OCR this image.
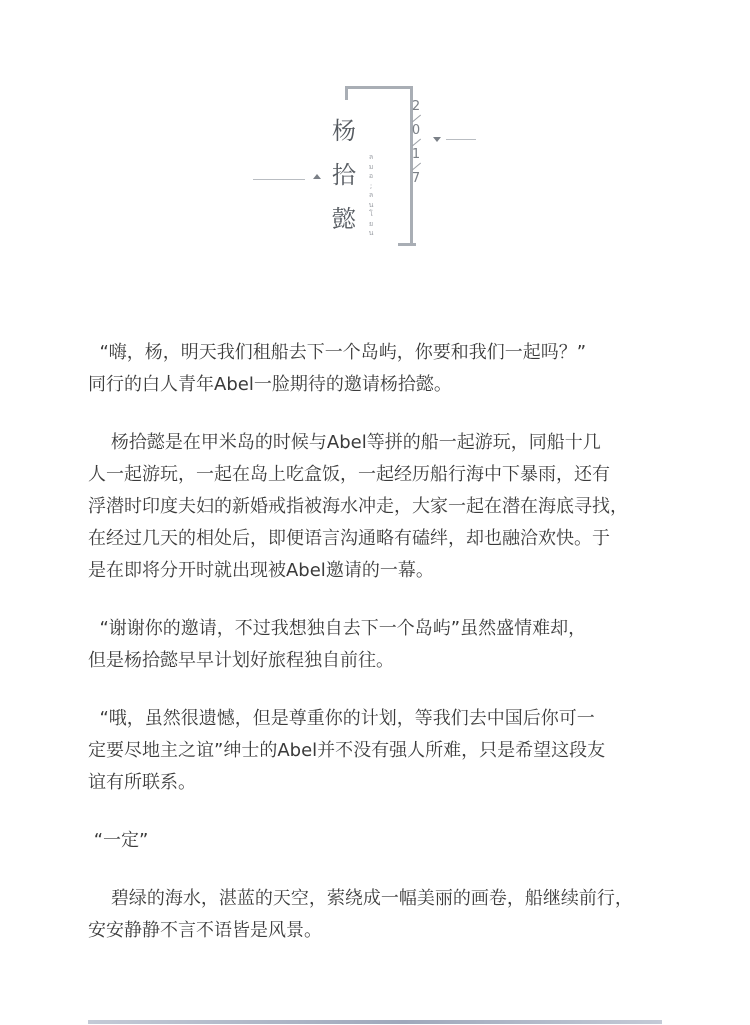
杨
拾
懿
ล ม อ ; ล น โ ย น
2
0
1
7

“嗨，杨，明天我们租船去下一个岛屿，你要和我们一起吗？”
同行的白人青年Abel一脸期待的邀请杨拾懿。

杨拾懿是在甲米岛的时候与Abel等拼的船一起游玩，同船十几
人一起游玩，一起在岛上吃盒饭，一起经历船行海中下暴雨，还有
浮潜时印度夫妇的新婚戒指被海水冲走，大家一起在潜在海底寻找，
在经过几天的相处后，即便语言沟通略有磕绊，却也融洽欢快。于
是在即将分开时就出现被Abel邀请的一幕。

“谢谢你的邀请，不过我想独自去下一个岛屿”虽然盛情难却，
但是杨拾懿早早计划好旅程独自前往。

“哦，虽然很遗憾，但是尊重你的计划，等我们去中国后你可一
定要尽地主之谊”绅士的Abel并不没有强人所难，只是希望这段友
谊有所联系。

“一定”

碧绿的海水，湛蓝的天空，萦绕成一幅美丽的画卷，船继续前行，
安安静静不言不语皆是风景。
